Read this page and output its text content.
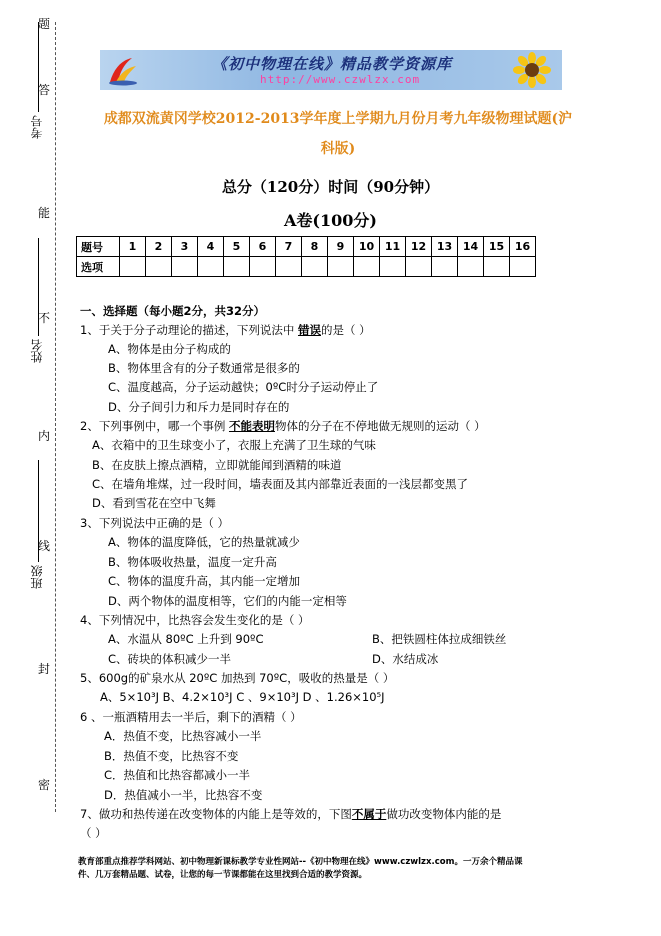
题
答
能
不
内
线
封
密
考号
姓名
班级
《初中物理在线》精品教学资源库
http://www.czwlzx.com
成都双流黄冈学校2012-2013学年度上学期九月份月考九年级物理试题(沪
科版)
总分（120分）时间（90分钟）
A卷(100分)
题号	1	2	3	4	5	6	7	8	9	10	11	12	13	14	15	16
选项																
一、选择题（每小题2分，共32分）
1、于关于分子动理论的描述，下列说法中 错误的是（ ）
A、物体是由分子构成的
B、物体里含有的分子数通常是很多的
C、温度越高，分子运动越快；0ºC时分子运动停止了
D、分子间引力和斥力是同时存在的
2、下列事例中，哪一个事例 不能表明物体的分子在不停地做无规则的运动（ ）
A、衣箱中的卫生球变小了，衣服上充满了卫生球的气味
B、在皮肤上擦点酒精，立即就能闻到酒精的味道
C、在墙角堆煤，过一段时间，墙表面及其内部靠近表面的一浅层都变黑了
D、看到雪花在空中飞舞
3、下列说法中正确的是（ ）
A、物体的温度降低，它的热量就减少
B、物体吸收热量，温度一定升高
C、物体的温度升高，其内能一定增加
D、两个物体的温度相等，它们的内能一定相等
4、下列情况中，比热容会发生变化的是（ ）
A、水温从 80ºC 上升到 90ºC	B、把铁圆柱体拉成细铁丝
C、砖块的体积减少一半	D、水结成冰
5、600g的矿泉水从 20ºC 加热到 70ºC，吸收的热量是（ ）
A、5×10³J B、4.2×10³J C 、9×10³J D 、1.26×10⁵J
6 、一瓶酒精用去一半后，剩下的酒精（ ）
A．热值不变，比热容减小一半
B．热值不变，比热容不变
C．热值和比热容都减小一半
D．热值减小一半，比热容不变
7、做功和热传递在改变物体的内能上是等效的，下图不属于做功改变物体内能的是
（ ）
教育部重点推荐学科网站、初中物理新课标教学专业性网站--《初中物理在线》www.czwlzx.com。一万余个精品课
件、几万套精品题、试卷，让您的每一节课都能在这里找到合适的教学资源。
